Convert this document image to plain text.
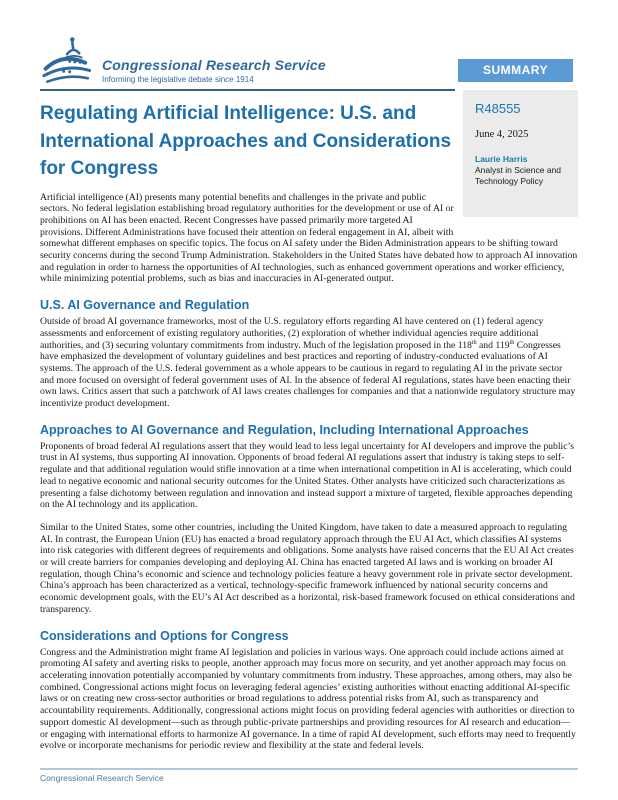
Congressional Research Service
Informing the legislative debate since 1914
SUMMARY
R48555
June 4, 2025
Laurie Harris
Analyst in Science and Technology Policy
Regulating Artificial Intelligence: U.S. and International Approaches and Considerations for Congress

Artificial intelligence (AI) presents many potential benefits and challenges in the private and public sectors. No federal legislation establishing broad regulatory authorities for the development or use of AI or prohibitions on AI has been enacted. Recent Congresses have passed primarily more targeted AI provisions. Different Administrations have focused their attention on federal engagement in AI, albeit with somewhat different emphases on specific topics. The focus on AI safety under the Biden Administration appears to be shifting toward security concerns during the second Trump Administration. Stakeholders in the United States have debated how to approach AI innovation and regulation in order to harness the opportunities of AI technologies, such as enhanced government operations and worker efficiency, while minimizing potential problems, such as bias and inaccuracies in AI-generated output.

U.S. AI Governance and Regulation

Outside of broad AI governance frameworks, most of the U.S. regulatory efforts regarding AI have centered on (1) federal agency assessments and enforcement of existing regulatory authorities, (2) exploration of whether individual agencies require additional authorities, and (3) securing voluntary commitments from industry. Much of the legislation proposed in the 118th and 119th Congresses have emphasized the development of voluntary guidelines and best practices and reporting of industry-conducted evaluations of AI systems. The approach of the U.S. federal government as a whole appears to be cautious in regard to regulating AI in the private sector and more focused on oversight of federal government uses of AI. In the absence of federal AI regulations, states have been enacting their own laws. Critics assert that such a patchwork of AI laws creates challenges for companies and that a nationwide regulatory structure may incentivize product development.

Approaches to AI Governance and Regulation, Including International Approaches

Proponents of broad federal AI regulations assert that they would lead to less legal uncertainty for AI developers and improve the public’s trust in AI systems, thus supporting AI innovation. Opponents of broad federal AI regulations assert that industry is taking steps to self-regulate and that additional regulation would stifle innovation at a time when international competition in AI is accelerating, which could lead to negative economic and national security outcomes for the United States. Other analysts have criticized such characterizations as presenting a false dichotomy between regulation and innovation and instead support a mixture of targeted, flexible approaches depending on the AI technology and its application.

Similar to the United States, some other countries, including the United Kingdom, have taken to date a measured approach to regulating AI. In contrast, the European Union (EU) has enacted a broad regulatory approach through the EU AI Act, which classifies AI systems into risk categories with different degrees of requirements and obligations. Some analysts have raised concerns that the EU AI Act creates or will create barriers for companies developing and deploying AI. China has enacted targeted AI laws and is working on broader AI regulation, though China’s economic and science and technology policies feature a heavy government role in private sector development. China’s approach has been characterized as a vertical, technology-specific framework influenced by national security concerns and economic development goals, with the EU’s AI Act described as a horizontal, risk-based framework focused on ethical considerations and transparency.

Considerations and Options for Congress

Congress and the Administration might frame AI legislation and policies in various ways. One approach could include actions aimed at promoting AI safety and averting risks to people, another approach may focus more on security, and yet another approach may focus on accelerating innovation potentially accompanied by voluntary commitments from industry. These approaches, among others, may also be combined. Congressional actions might focus on leveraging federal agencies’ existing authorities without enacting additional AI-specific laws or on creating new cross-sector authorities or broad regulations to address potential risks from AI, such as transparency and accountability requirements. Additionally, congressional actions might focus on providing federal agencies with authorities or direction to support domestic AI development—such as through public-private partnerships and providing resources for AI research and education—or engaging with international efforts to harmonize AI governance. In a time of rapid AI development, such efforts may need to frequently evolve or incorporate mechanisms for periodic review and flexibility at the state and federal levels.

Congressional Research Service
